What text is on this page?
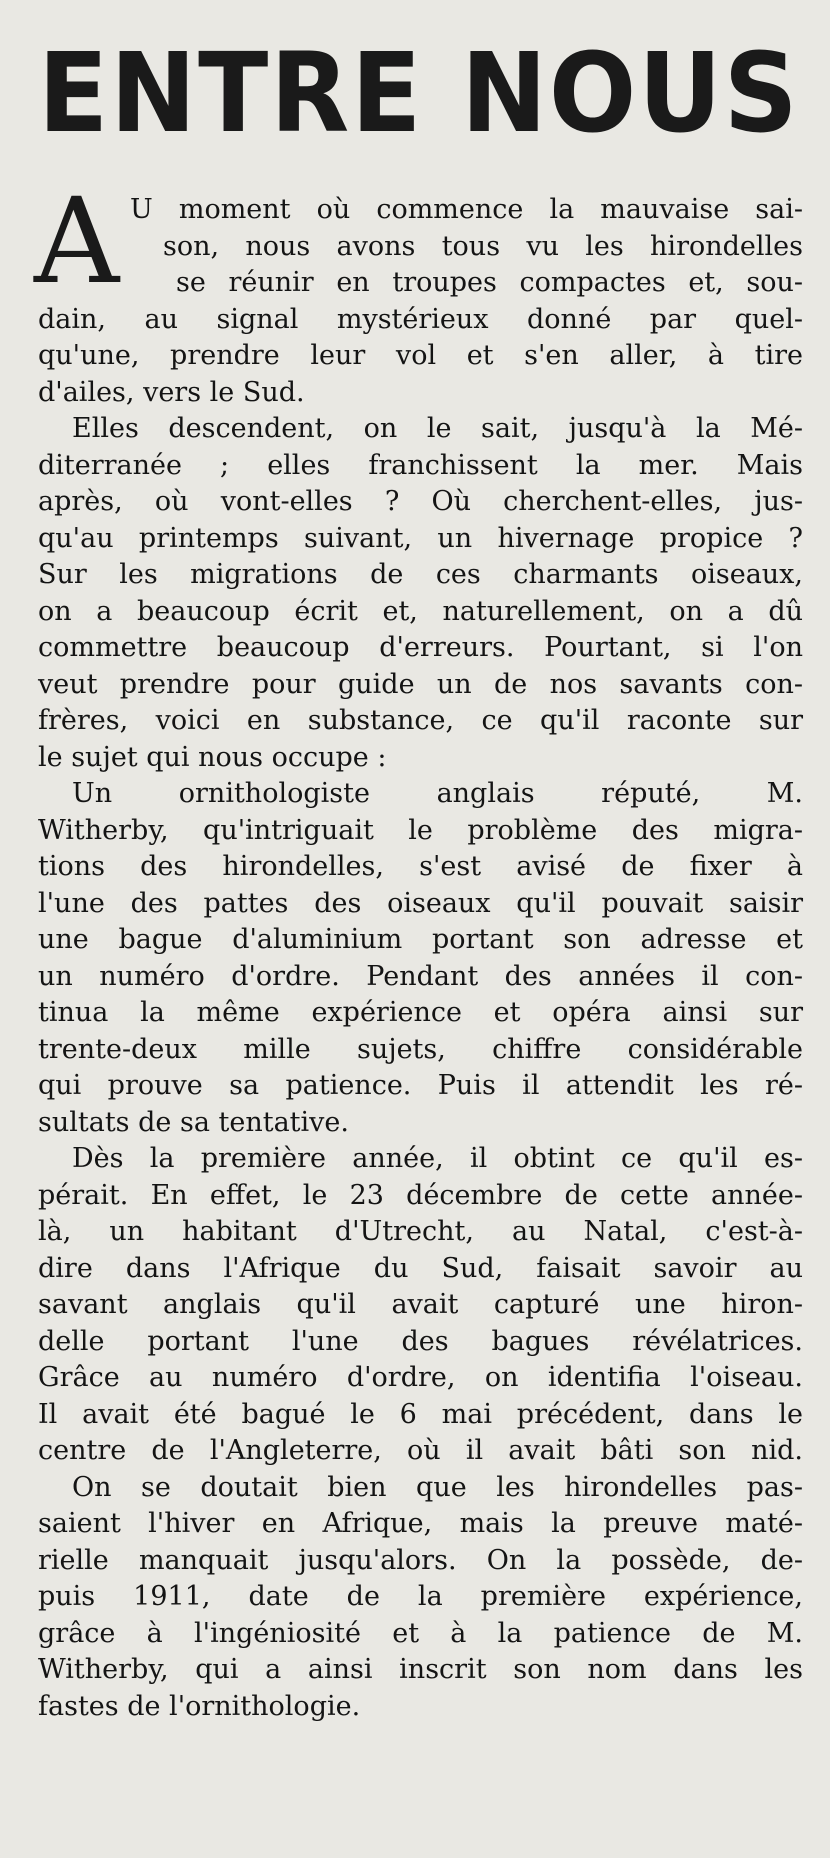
ENTRE NOUS
A U moment où commence la mauvaise sai-
son, nous avons tous vu les hirondelles
se réunir en troupes compactes et, sou-
dain, au signal mystérieux donné par quel-
qu'une, prendre leur vol et s'en aller, à tire
d'ailes, vers le Sud.
Elles descendent, on le sait, jusqu'à la Mé-
diterranée ; elles franchissent la mer. Mais
après, où vont-elles ? Où cherchent-elles, jus-
qu'au printemps suivant, un hivernage propice ?
Sur les migrations de ces charmants oiseaux,
on a beaucoup écrit et, naturellement, on a dû
commettre beaucoup d'erreurs. Pourtant, si l'on
veut prendre pour guide un de nos savants con-
frères, voici en substance, ce qu'il raconte sur
le sujet qui nous occupe :
Un ornithologiste anglais réputé, M.
Witherby, qu'intriguait le problème des migra-
tions des hirondelles, s'est avisé de fixer à
l'une des pattes des oiseaux qu'il pouvait saisir
une bague d'aluminium portant son adresse et
un numéro d'ordre. Pendant des années il con-
tinua la même expérience et opéra ainsi sur
trente-deux mille sujets, chiffre considérable
qui prouve sa patience. Puis il attendit les ré-
sultats de sa tentative.
Dès la première année, il obtint ce qu'il es-
pérait. En effet, le 23 décembre de cette année-
là, un habitant d'Utrecht, au Natal, c'est-à-
dire dans l'Afrique du Sud, faisait savoir au
savant anglais qu'il avait capturé une hiron-
delle portant l'une des bagues révélatrices.
Grâce au numéro d'ordre, on identifia l'oiseau.
Il avait été bagué le 6 mai précédent, dans le
centre de l'Angleterre, où il avait bâti son nid.
On se doutait bien que les hirondelles pas-
saient l'hiver en Afrique, mais la preuve maté-
rielle manquait jusqu'alors. On la possède, de-
puis 1911, date de la première expérience,
grâce à l'ingéniosité et à la patience de M.
Witherby, qui a ainsi inscrit son nom dans les
fastes de l'ornithologie.
